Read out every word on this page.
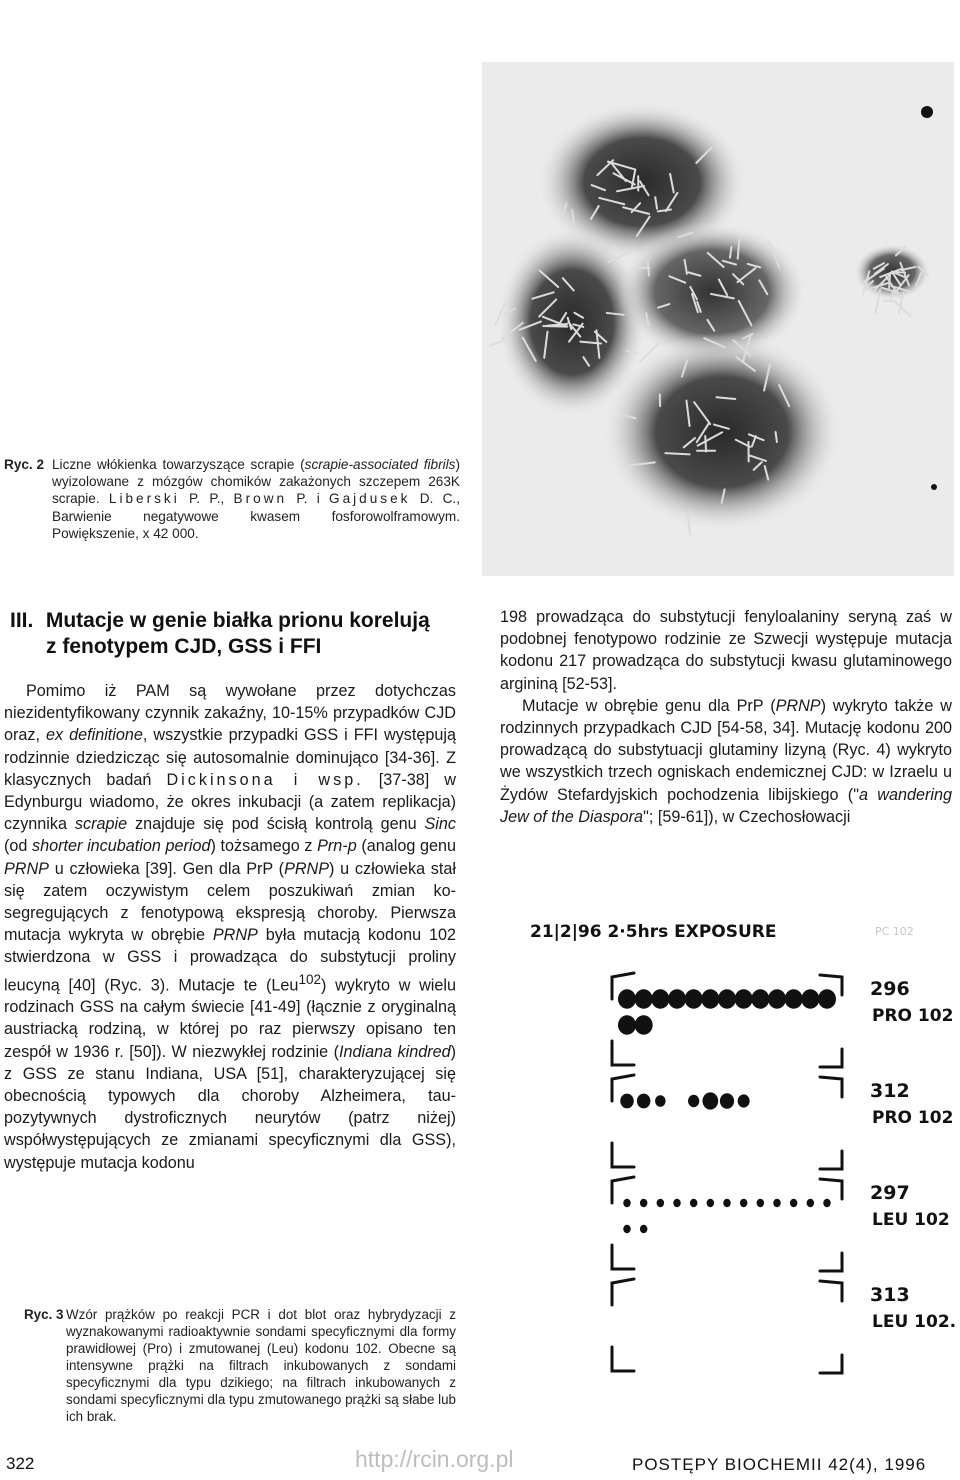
Ryc. 2 Liczne włókienka towarzyszące scrapie (scrapie-associated fibrils) wyizolowane z mózgów chomików zakażonych szczepem 263K scrapie. Liberski P. P., Brown P. i Gajdusek D. C., Barwienie negatywowe kwasem fosforowolframowym. Powiększenie, x 42 000.
III. Mutacje w genie białka prionu korelują
z fenotypem CJD, GSS i FFI

Pomimo iż PAM są wywołane przez dotychczas niezidentyfikowany czynnik zakaźny, 10-15% przypadków CJD oraz, ex definitione, wszystkie przypadki GSS i FFI występują rodzinnie dziedzicząc się autosomalnie dominująco [34-36]. Z klasycznych badań Dickinsona i wsp. [37-38] w Edynburgu wiadomo, że okres inkubacji (a zatem replikacja) czynnika scrapie znajduje się pod ścisłą kontrolą genu Sinc (od shorter incubation period) tożsamego z Prn-p (analog genu PRNP u człowieka [39]. Gen dla PrP (PRNP) u człowieka stał się zatem oczywistym celem poszukiwań zmian ko-segregujących z fenotypową ekspresją choroby. Pierwsza mutacja wykryta w obrębie PRNP była mutacją kodonu 102 stwierdzona w GSS i prowadząca do substytucji proliny leucyną [40] (Ryc. 3). Mutacje te (Leu$^{102}$) wykryto w wielu rodzinach GSS na całym świecie [41-49] (łącznie z oryginalną austriacką rodziną, w której po raz pierwszy opisano ten zespół w 1936 r. [50]). W niezwykłej rodzinie (Indiana kindred) z GSS ze stanu Indiana, USA [51], charakteryzującej się obecnością typowych dla choroby Alzheimera, tau-pozytywnych dystroficznych neurytów (patrz niżej) współwystępujących ze zmianami specyficznymi dla GSS), występuje mutacja kodonu

198 prowadząca do substytucji fenyloalaniny seryną zaś w podobnej fenotypowo rodzinie ze Szwecji występuje mutacja kodonu 217 prowadząca do substytucji kwasu glutaminowego argininą [52-53].

Mutacje w obrębie genu dla PrP (PRNP) wykryto także w rodzinnych przypadkach CJD [54-58, 34]. Mutację kodonu 200 prowadzącą do substytuacji glutaminy lizyną (Ryc. 4) wykryto we wszystkich trzech ogniskach endemicznej CJD: w Izraelu u Żydów Stefardyjskich pochodzenia libijskiego ("a wandering Jew of the Diaspora"; [59-61]), w Czechosłowacji

21|2|96 2·5hrs EXPOSURE	PC 102
296
PRO 102
312
PRO 102
297
LEU 102
313
LEU 102.
Ryc. 3 Wzór prążków po reakcji PCR i dot blot oraz hybrydyzacji z wyznakowanymi radioaktywnie sondami specyficznymi dla formy prawidłowej (Pro) i zmutowanej (Leu) kodonu 102. Obecne są intensywne prążki na filtrach inkubowanych z sondami specyficznymi dla typu dzikiego; na filtrach inkubowanych z sondami specyficznymi dla typu zmutowanego prążki są słabe lub ich brak.
322	http://rcin.org.pl	POSTĘPY BIOCHEMII 42(4), 1996
